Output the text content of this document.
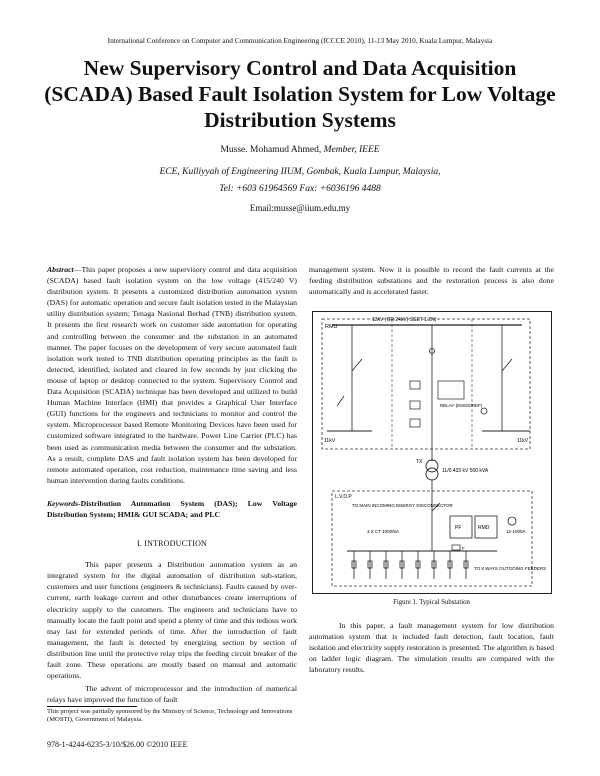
International Conference on Computer and Communication Engineering (ICCCE 2010), 11-13 May 2010, Kuala Lumpur, Malaysia
New Supervisory Control and Data Acquisition (SCADA) Based Fault Isolation System for Low Voltage Distribution Systems
Musse. Mohamud Ahmed, Member, IEEE
ECE, Kulliyyah of Engineering IIUM, Gombak, Kuala Lumpur, Malaysia,
Tel: +603 61964569 Fax: +6036196 4488
Email:musse@iium.edu.my
Abstract—This paper proposes a new supervisory control and data acquisition (SCADA) based fault isolation system on the low voltage (415/240 V) distribution system. It presents a customized distribution automation system (DAS) for automatic operation and secure fault isolation tested in the Malaysian utility distribution system; Tenaga Nasional Berhad (TNB) distribution system. It presents the first research work on customer side automation for operating and controlling between the consumer and the substation in an automated manner. The paper focuses on the development of very secure automated fault isolation work tested to TNB distribution operating principles as the fault is detected, identified, isolated and cleared in few seconds by just clicking the mouse of laptop or desktop connected to the system. Supervisory Control and Data Acquisition (SCADA) technique has been developed and utilized to build Human Machine Interface (HMI) that provides a Graphical User Interface (GUI) functions for the engineers and technicians to monitor and control the system. Microprocessor based Remote Monitoring Devices have been used for customized software integrated to the hardware. Power Line Carrier (PLC) has been used as communication media between the consumer and the substation. As a result, complete DAS and fault isolation system has been developed for remote automated operation, cost reduction, maintenance time saving and less human intervention during faults conditions.
Keywords-Distribution Automation System (DAS); Low Voltage Distribution System; HMI& GUI SCADA; and PLC
I. INTRODUCTION

This paper presents a Distribution automation system as an integrated system for the digital automation of distribution sub-station, customers and user functions (engineers & technicians). Faults caused by over-current, earth leakage current and other disturbances create interruptions of electricity supply to the customers. The engineers and technicians have to manually locate the fault point and spend a plenty of time and this tedious work may last for extended periods of time. After the introduction of fault management, the fault is detected by energizing section by section of distribution line until the protective relay trips the feeding circuit breaker of the fault zone. These operations are mostly based on manual and automatic operations.

The advent of microprocessor and the introduction of numerical relays have improved the function of fault

This project was partially sponsored by the Ministry of Science, Technology and Innovations (MOSTI), Government of Malaysia.
978-1-4244-6235-3/10/$26.00 ©2010 IEEE
management system. Now it is possible to record the fault currents at the feeding distribution substations and the restoration process is also done automatically and is accelerated faster.
RMU
12kV (OR 24kV) SSET 1.2N)
11kV
RELAY (EMGD/REF)
11kV
TX
11/0.433 kV 500 kVA
L.V.D.P
TO MAIN INCOMING ENERGY DISCONNECTOR
3 X CT 1000/5A
PF	RMD
12-1000A
F
TO 8 WAYS OUTGOING FEEDERS
Figure 1. Typical Substation

In this paper, a fault management system for low distribution automation system that is included fault detection, fault location, fault isolation and electricity supply restoration is presented. The algorithm is based on ladder logic diagram. The simulation results are compared with the laboratory results.
